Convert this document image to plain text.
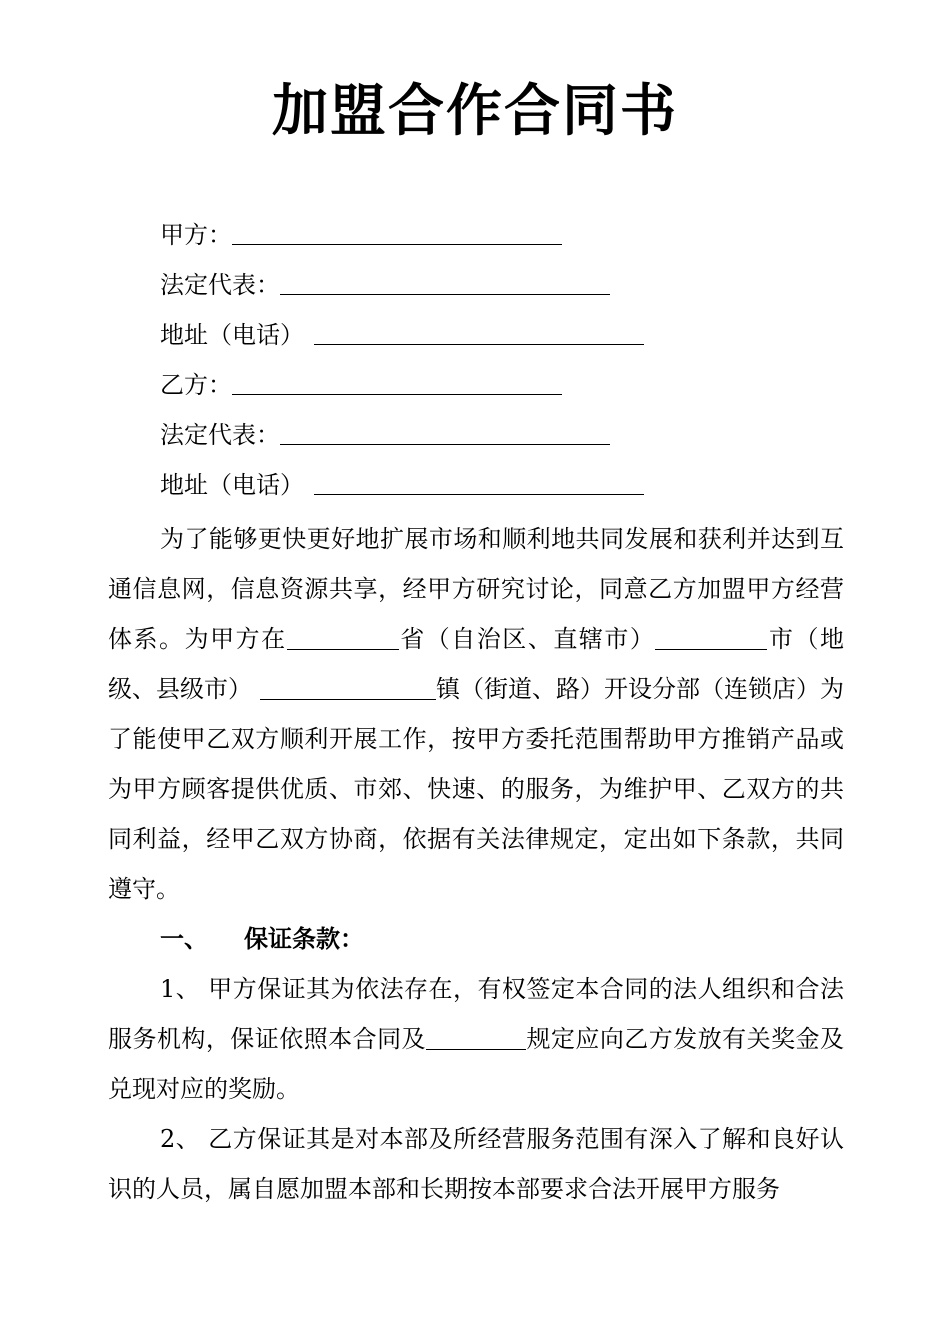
加盟合作合同书
甲方：
法定代表：
地址（电话）
乙方：
法定代表：
地址（电话）

为了能够更快更好地扩展市场和顺利地共同发展和获利并达到互通信息网，信息资源共享，经甲方研究讨论，同意乙方加盟甲方经营体系。为甲方在	省（自治区、直辖市）	市（地级、县级市）	镇（街道、路）开设分部（连锁店）为了能使甲乙双方顺利开展工作，按甲方委托范围帮助甲方推销产品或为甲方顾客提供优质、市郊、快速、的服务，为维护甲、乙双方的共同利益，经甲乙双方协商，依据有关法律规定，定出如下条款，共同遵守。

一、 保证条款：

1、 甲方保证其为依法存在，有权签定本合同的法人组织和合法服务机构，保证依照本合同及	规定应向乙方发放有关奖金及兑现对应的奖励。

2、 乙方保证其是对本部及所经营服务范围有深入了解和良好认识的人员，属自愿加盟本部和长期按本部要求合法开展甲方服务
